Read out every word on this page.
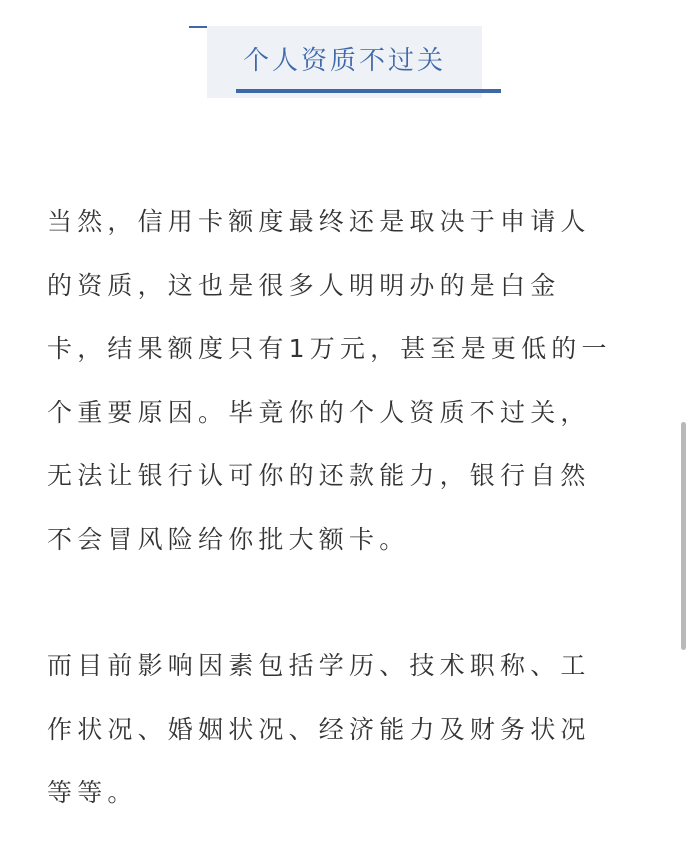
个人资质不过关

当然，信用卡额度最终还是取决于申请人
的资质，这也是很多人明明办的是白金
卡，结果额度只有1万元，甚至是更低的一
个重要原因。毕竟你的个人资质不过关，
无法让银行认可你的还款能力，银行自然
不会冒风险给你批大额卡。

而目前影响因素包括学历、技术职称、工
作状况、婚姻状况、经济能力及财务状况
等等。
